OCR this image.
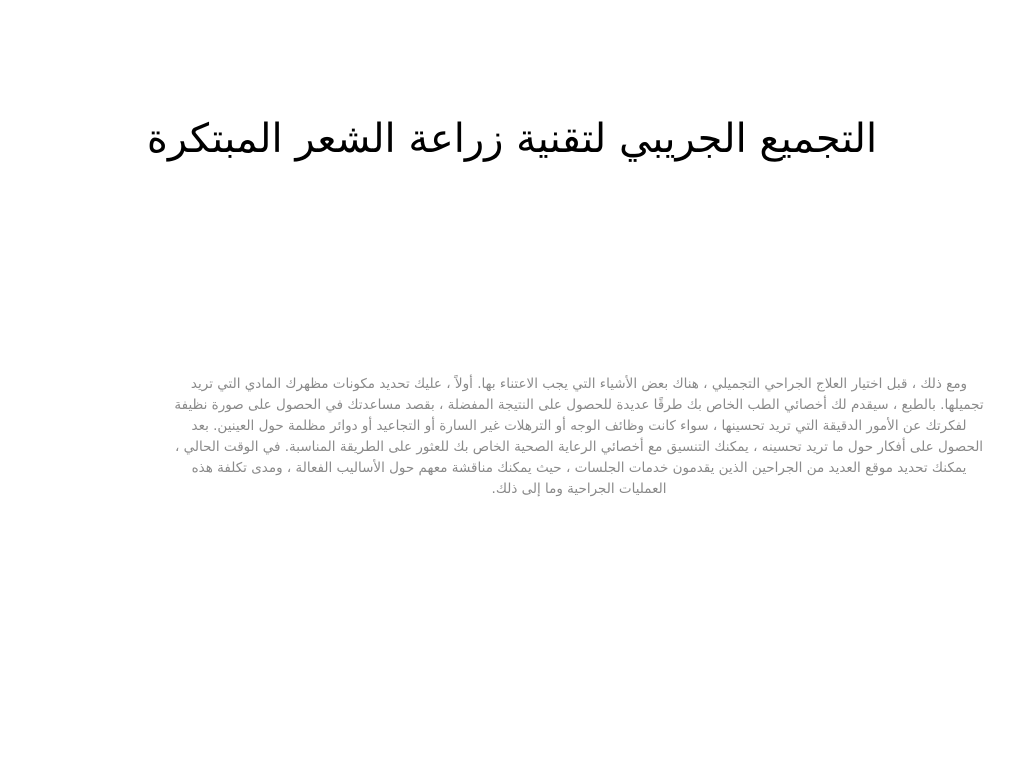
التجميع الجريبي لتقنية زراعة الشعر المبتكرة

ومع ذلك ، قبل اختيار العلاج الجراحي التجميلي ، هناك بعض الأشياء التي يجب الاعتناء بها. أولاً ، عليك تحديد مكونات مظهرك المادي التي تريد تجميلها. بالطبع ، سيقدم لك أخصائي الطب الخاص بك طرقًا عديدة للحصول على النتيجة المفضلة ، بقصد مساعدتك في الحصول على صورة نظيفة لفكرتك عن الأمور الدقيقة التي تريد تحسينها ، سواء كانت وظائف الوجه أو الترهلات غير السارة أو التجاعيد أو دوائر مظلمة حول العينين. بعد الحصول على أفكار حول ما تريد تحسينه ، يمكنك التنسيق مع أخصائي الرعاية الصحية الخاص بك للعثور على الطريقة المناسبة. في الوقت الحالي ، يمكنك تحديد موقع العديد من الجراحين الذين يقدمون خدمات الجلسات ، حيث يمكنك مناقشة معهم حول الأساليب الفعالة ، ومدى تكلفة هذه العمليات الجراحية وما إلى ذلك.
